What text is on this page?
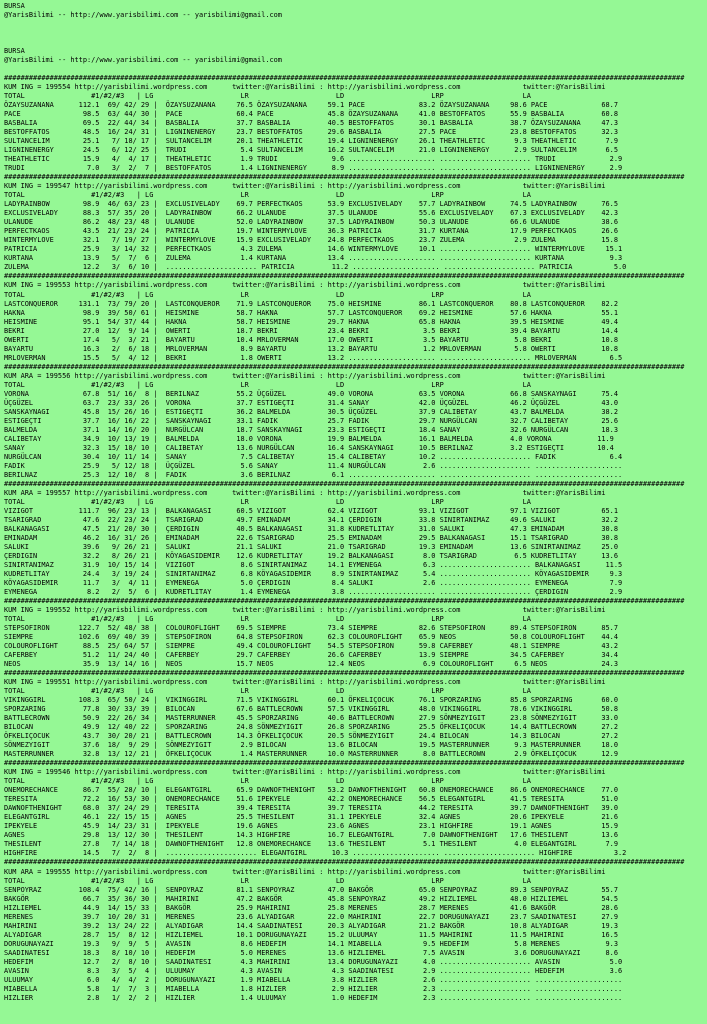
BURSA
@YarisBilimi -- http://www.yarisbilimi.com -- yarisbilimi@gmail.com
BURSA
@YarisBilimi -- http://www.yarisbilimi.com -- yarisbilimi@gmail.com
####################################################################################################################################################################
KUM ING = 199554 http://yarisbilimi.wordpress.com      twitter:@YarisBilimi : http://yarisbilimi.wordpress.com               twitter:@YarisBilimi
TOTAL                #1/#2/#3   | LG                     LR                     LD                     LRP                   LA
ÖZAYSUZANANA      112.1  69/ 42/ 29 |  ÖZAYSUZANANA     76.5 ÖZAYSUZANANA     59.1 PACE             83.2 ÖZAYSUZANANA     98.6 PACE             68.7
PACE               98.5  63/ 44/ 30 |  PACE             60.4 PACE             45.8 ÖZAYSUZANANA     41.0 BESTOFFATOS      55.9 BASBALIA         60.8
BASBALIA           69.5  22/ 44/ 34 |  BASBALIA         37.7 BASBALIA         40.5 BESTOFFATOS      30.1 BASBALIA         38.7 ÖZAYSUZANANA     47.3
BESTOFFATOS        48.5  16/ 24/ 31 |  LIGNINENERGY     23.7 BESTOFFATOS      29.6 BASBALIA         27.5 PACE             23.8 BESTOFFATOS      32.3
SULTANCELIM        25.1   7/ 18/ 17 |  SULTANCELIM      20.1 THEATHLETIC      19.4 LIGNINENERGY     26.1 THEATHLETIC       9.3 THEATHLETIC       7.9
LIGNINENERGY       24.5   6/ 12/ 25 |  TRUDI             5.4 SULTANCELIM      16.2 SULTANCELIM      21.0 LIGNINENERGY      2.9 SULTANCELIM       6.5
THEATHLETIC        15.9   4/  4/ 17 |  THEATHLETIC       1.9 TRUDI             9.6 ..................... ...................... TRUDI             2.9
TRUDI               7.0   3/  2/  7 |  BESTOFFATOS       1.4 LIGNINENERGY      8.9 ..................... ...................... LIGNINENERGY      2.9
####################################################################################################################################################################
KUM ING = 199547 http://yarisbilimi.wordpress.com      twitter:@YarisBilimi : http://yarisbilimi.wordpress.com               twitter:@YarisBilimi
TOTAL                #1/#2/#3   | LG                     LR                     LD                     LRP                   LA
LADYRAINBOW        98.9  46/ 63/ 23 |  EXCLUSIVELADY    69.7 PERFECTKAOS      53.9 EXCLUSIVELADY    57.7 LADYRAINBOW      74.5 LADYRAINBOW      76.5
EXCLUSIVELADY      88.3  57/ 35/ 20 |  LADYRAINBOW      66.2 ULANUDE          37.5 ULANUDE          55.6 EXCLUSIVELADY    67.3 EXCLUSIVELADY    42.3
ULANUDE            86.2  48/ 23/ 48 |  ULANUDE          52.0 LADYRAINBOW      37.5 LADYRAINBOW      50.3 ULANUDE          66.6 ULANUDE          38.6
PERFECTKAOS        43.5  21/ 23/ 24 |  PATRICIA         19.7 WINTERMYLOVE     36.3 PATRICIA         31.7 KURTANA          17.9 PERFECTKAOS      26.6
WINTERMYLOVE       32.1   7/ 19/ 27 |  WINTERMYLOVE     15.9 EXCLUSIVELADY    24.8 PERFECTKAOS      23.7 ZULEMA            2.9 ZULEMA           15.8
PATRICIA           25.9   3/ 14/ 32 |  PERFECTKAOS       4.3 ZULEMA           14.6 WINTERMYLOVE     10.1 ...................... WINTERMYLOVE     15.1
KURTANA            13.9   5/  7/  6 |  ZULEMA            1.4 KURTANA          13.4 ..................... ...................... KURTANA           9.3
ZULEMA             12.2   3/  6/ 10 |  ...................... PATRICIA         11.2 ..................... ...................... PATRICIA          5.0
####################################################################################################################################################################
KUM ING = 199553 http://yarisbilimi.wordpress.com      twitter:@YarisBilimi : http://yarisbilimi.wordpress.com               twitter:@YarisBilimi
TOTAL                #1/#2/#3   | LG                     LR                     LD                     LRP                   LA
LASTCONQUEROR     131.1  73/ 79/ 20 |  LASTCONQUEROR    71.9 LASTCONQUEROR    75.0 HEISMINE         86.1 LASTCONQUEROR    80.8 LASTCONQUEROR    82.2
HAKNA              98.9  39/ 50/ 61 |  HEISMINE         58.7 HAKNA            57.7 LASTCONQUEROR    69.2 HEISMINE         57.6 HAKNA            55.1
HEISMINE           95.1  54/ 37/ 44 |  HAKNA            58.7 HEISMINE         29.7 HAKNA            65.8 HAKNA            39.5 HEISMINE         49.4
BEKRI              27.0  12/  9/ 14 |  OWERTI           18.7 BEKRI            23.4 BEKRI             3.5 BEKRI            39.4 BAYARTU          14.4
OWERTI             17.4   5/  3/ 21 |  BAYARTU          10.4 MRLOVERMAN       17.0 OWERTI            3.5 BAYARTU           5.8 BEKRI            10.8
BAYARTU            16.3   2/  6/ 18 |  MRLOVERMAN        8.9 BAYARTU          13.2 BAYARTU           1.2 MRLOVERMAN        5.8 OWERTI           10.8
MRLOVERMAN         15.5   5/  4/ 12 |  BEKRI             1.8 OWERTI           13.2 ..................... ...................... MRLOVERMAN        6.5
####################################################################################################################################################################
KUM ARA = 199556 http://yarisbilimi.wordpress.com      twitter:@YarisBilimi : http://yarisbilimi.wordpress.com               twitter:@YarisBilimi
TOTAL                #1/#2/#3   | LG                     LR                     LD                     LRP                   LA
VORONA             67.8  51/ 16/  8 |  BERILNAZ         55.2 ÜÇGÜZEL          49.0 VORONA           63.5 VORONA           66.8 SANSKAYNAGI      75.4
ÜÇGÜZEL            63.7  23/ 33/ 26 |  VORONA           37.7 ESTIGEÇTI        31.4 SANAY            42.0 ÜÇGÜZEL          46.2 ÜÇGÜZEL          43.0
SANSKAYNAGI        45.8  15/ 26/ 16 |  ESTIGEÇTI        36.2 BALMELDA         30.5 ÜÇGÜZEL          37.9 CALIBETAY        43.7 BALMELDA         38.2
ESTIGEÇTI          37.7  16/ 16/ 22 |  SANSKAYNAGI      33.1 FADIK            25.7 FADIK            29.7 NURGÜLCAN        32.7 CALIBETAY        25.6
BALMELDA           37.1  14/ 16/ 20 |  NURGÜLCAN        18.7 SANSKAYNAGI      23.3 ESTIGEÇTI        18.4 SANAY            32.6 NURGÜLCAN        18.3
CALIBETAY          34.9  10/ 13/ 19 |  BALMELDA         18.0 VORONA           19.9 BALMELDA         16.1 BALMELDA         4.0 VORONA           11.9
SANAY              32.3  15/ 18/ 10 |  CALIBETAY        13.6 NURGÜLCAN        16.4 SANSKAYNAGI      10.5 BERILNAZ         3.2 ESTIGEÇTI        10.4
NURGÜLCAN          30.4  10/ 11/ 14 |  SANAY             7.5 CALIBETAY        15.4 CALIBETAY        10.2 ...................... FADIK             6.4
FADIK              25.9   5/ 12/ 18 |  ÜÇGÜZEL           5.6 SANAY            11.4 NURGÜLCAN         2.6 ...................... .....................
BERILNAZ           25.3  12/ 10/  8 |  FADIK             3.6 BERILNAZ          6.1 ..................... ...................... .....................
####################################################################################################################################################################
KUM ARA = 199557 http://yarisbilimi.wordpress.com      twitter:@YarisBilimi : http://yarisbilimi.wordpress.com               twitter:@YarisBilimi
TOTAL                #1/#2/#3   | LG                     LR                     LD                     LRP                   LA
VIZIGOT           111.7  96/ 23/ 13 |  BALKANAGASI      60.5 VIZIGOT          62.4 VIZIGOT          93.1 VIZIGOT          97.1 VIZIGOT          65.1
TSARIGRAD          47.6  22/ 23/ 24 |  TSARIGRAD        49.7 EMINADAM         34.1 ÇERDIGIN         33.8 SINIRTANIMAZ     49.6 SALUKI           32.2
BALKANAGASI        47.5  21/ 20/ 30 |  ÇERDIGIN         40.5 BALKANAGASI      31.8 KUDRETLITAY      31.0 SALUKI           47.3 EMINADAM         30.8
EMINADAM           46.2  16/ 31/ 26 |  EMINADAM         22.6 TSARIGRAD        25.5 EMINADAM         29.5 BALKANAGASI      15.1 TSARIGRAD        30.8
SALUKI             39.6   9/ 26/ 21 |  SALUKI           21.1 SALUKI           21.0 TSARIGRAD        19.3 EMINADAM         13.6 SINIRTANIMAZ     25.0
ÇERDIGIN           32.2   8/ 26/ 21 |  KÖYAGASIDEMIR    12.6 KUDRETLITAY      19.2 BALKANAGASI       8.0 TSARIGRAD         6.5 KUDRETLITAY      13.6
SINIRTANIMAZ       31.9  10/ 15/ 14 |  VIZIGOT           8.6 SINIRTANIMAZ     14.1 EYMENEGA          6.3 ...................... BALKANAGASI      11.5
KUDRETLITAY        24.4   3/ 19/ 24 |  SINIRTANIMAZ      6.8 KÖYAGASIDEMIR     8.9 SINIRTANIMAZ      5.4 ...................... KÖYAGASIDEMIR     9.3
KÖYAGASIDEMIR      11.7   3/  4/ 11 |  EYMENEGA          5.0 ÇERDIGIN          8.4 SALUKI            2.6 ...................... EYMENEGA          7.9
EYMENEGA            8.2   2/  5/  6 |  KUDRETLITAY       1.4 EYMENEGA          3.8 ..................... ...................... ÇERDIGIN          2.9
####################################################################################################################################################################
KUM ING = 199552 http://yarisbilimi.wordpress.com      twitter:@YarisBilimi : http://yarisbilimi.wordpress.com               twitter:@YarisBilimi
TOTAL                #1/#2/#3   | LG                     LR                     LD                     LRP                   LA
STEPSOFIRON       122.7  52/ 48/ 38 |  COLOUROFLIGHT    69.5 SIEMPRE          73.4 SIEMPRE          82.6 STEPSOFIRON      89.4 STEPSOFIRON      85.7
SIEMPRE           102.6  69/ 40/ 39 |  STEPSOFIRON      64.8 STEPSOFIRON      62.3 COLOUROFLIGHT    65.9 NEOS             50.8 COLOUROFLIGHT    44.4
COLOUROFLIGHT      88.5  25/ 64/ 57 |  SIEMPRE          49.4 COLOUROFLIGHT    54.5 STEPSOFIRON      59.8 CAFERBEY         48.1 SIEMPRE          43.2
CAFERBEY           51.2  11/ 24/ 40 |  CAFERBEY         29.7 CAFERBEY         26.6 CAFERBEY         13.9 SIEMPRE          34.5 CAFERBEY         34.4
NEOS               35.9  13/ 14/ 16 |  NEOS             15.7 NEOS             12.4 NEOS              6.9 COLOUROFLIGHT     6.5 NEOS             24.3
####################################################################################################################################################################
KUM ING = 199551 http://yarisbilimi.wordpress.com      twitter:@YarisBilimi : http://yarisbilimi.wordpress.com               twitter:@YarisBilimi
TOTAL                #1/#2/#3   | LG                     LR                     LD                     LRP                   LA
VIKINGGIRL        108.3  65/ 50/ 24 |  VIKINGGIRL       71.5 VIKINGGIRL       60.1 ÖFKELIÇOCUK      76.1 SPORZARING       85.8 SPORZARING       60.0
SPORZARING         77.8  30/ 33/ 39 |  BILOCAN          67.6 BATTLECROWN      57.5 VIKINGGIRL       48.0 VIKINGGIRL       78.6 VIKINGGIRL       50.8
BATTLECROWN        50.9  22/ 26/ 34 |  MASTERRUNNER     45.5 SPORZARING       40.6 BATTLECROWN      27.9 SÖNMEZYIGIT      23.8 SÖNMEZYIGIT      33.0
BILOCAN            49.9  12/ 40/ 22 |  SPORZARING       24.8 SÖNMEZYIGIT      26.8 SPORZARING       25.5 ÖFKELIÇOCUK      14.4 BATTLECROWN      27.2
ÖFKELIÇOCUK        43.7  30/ 20/ 21 |  BATTLECROWN      14.3 ÖFKELIÇOCUK      20.5 SÖNMEZYIGIT      24.4 BILOCAN          14.3 BILOCAN          27.2
SÖNMEZYIGIT        37.6  18/  9/ 29 |  SÖNMEZYIGIT       2.9 BILOCAN          13.6 BILOCAN          19.5 MASTERRUNNER      9.3 MASTERRUNNER     18.0
MASTERRUNNER       32.8  13/ 12/ 21 |  ÖFKELIÇOCUK       1.4 MASTERRUNNER     10.0 MASTERRUNNER      8.0 BATTLECROWN       2.9 ÖFKELIÇOCUK      12.9
####################################################################################################################################################################
KUM ING = 199546 http://yarisbilimi.wordpress.com      twitter:@YarisBilimi : http://yarisbilimi.wordpress.com               twitter:@YarisBilimi
TOTAL                #1/#2/#3   | LG                     LR                     LD                     LRP                   LA
ONEMORECHANCE      86.7  55/ 28/ 10 |  ELEGANTGIRL      65.9 DAWNOFTHENIGHT   53.2 DAWNOFTHENIGHT   60.8 ONEMORECHANCE    86.6 ONEMORECHANCE    77.0
TERESITA           72.2  16/ 53/ 30 |  ONEMORECHANCE    51.6 IPEKYELE         42.2 ONEMORECHANCE    56.5 ELEGANTGIRL      41.5 TERESITA         51.0
DAWNOFTHENIGHT     68.0  37/ 24/ 29 |  TERESITA         39.4 TERESITA         39.7 TERESITA         44.2 TERESITA         39.7 DAWNOFTHENIGHT   39.0
ELEGANTGIRL        46.1  22/ 15/ 15 |  AGNES            25.5 THESILENT        31.1 IPEKYELE         32.4 AGNES            20.6 IPEKYELE         21.6
IPEKYELE           45.9  14/ 23/ 31 |  IPEKYELE         19.6 AGNES            23.6 AGNES            23.1 HIGHFIRE         19.1 AGNES            15.9
AGNES              29.8  13/ 12/ 30 |  THESILENT        14.3 HIGHFIRE         16.7 ELEGANTGIRL       7.0 DAWNOFTHENIGHT   17.6 THESILENT        13.6
THESILENT          27.8   7/ 14/ 18 |  DAWNOFTHENIGHT   12.8 ONEMORECHANCE    13.6 THESILENT         5.1 THESILENT         4.0 ELEGANTGIRL       7.9
HIGHFIRE           14.5   7/  2/  8 |  ...................... ELEGANTGIRL      10.3 ..................... ...................... HIGHFIRE          3.2
####################################################################################################################################################################
KUM ARA = 199555 http://yarisbilimi.wordpress.com      twitter:@YarisBilimi : http://yarisbilimi.wordpress.com               twitter:@YarisBilimi
TOTAL                #1/#2/#3   | LG                     LR                     LD                     LRP                   LA
SENPOYRAZ         108.4  75/ 42/ 16 |  SENPOYRAZ        81.1 SENPOYRAZ        47.0 BAKGÖR           65.0 SENPOYRAZ        89.3 SENPOYRAZ        55.7
BAKGÖR             66.7  35/ 36/ 30 |  MAHIRINI         47.2 BAKGÖR           45.8 SENPOYRAZ        49.2 HIZLIEMEL        48.0 HIZLIEMEL        54.5
HIZLIEMEL          44.9  14/ 15/ 33 |  BAKGÖR           25.9 MAHIRINI         25.8 MERENES          28.7 MERENES          41.6 BAKGÖR           28.6
MERENES            39.7  10/ 20/ 31 |  MERENES          23.6 ALYADIGAR        22.0 MAHIRINI         22.7 DORUGUNAYAZI     23.7 SAADINATESI      27.9
MAHIRINI           39.2  13/ 24/ 22 |  ALYADIGAR        14.4 SAADINATESI      20.3 ALYADIGAR        21.2 BAKGÖR           10.8 ALYADIGAR        19.3
ALYADIGAR          28.7  15/  8/ 12 |  HIZLIEMEL        10.1 DORUGUNAYAZI     15.2 ULUUMAY          11.5 MAHIRINI         11.5 MAHIRINI         16.5
DORUGUNAYAZI       19.3   9/  9/  5 |  AVASIN            8.6 HEDEFIM          14.1 MIABELLA          9.5 HEDEFIM           5.8 MERENES           9.3
SAADINATESI        18.3   8/ 10/ 10 |  HEDEFIM           5.0 MERENES          13.6 HIZLIEMEL         7.5 AVASIN            3.6 DORUGUNAYAZI      8.6
HEDEFIM            12.7   2/  8/ 10 |  SAADINATESI       4.3 MAHIRINI         13.4 DORUGUNAYAZI      4.0 ...................... AVASIN            5.0
AVASIN              8.3   3/  5/  4 |  ULUUMAY           4.3 AVASIN            4.3 SAADINATESI       2.9 ...................... HEDEFIM           3.6
ULUUMAY             6.0   4/  4/  2 |  DORUGUNAYAZI      1.9 MIABELLA          3.8 HIZLIER           2.6 ...................... .....................
MIABELLA            5.8   1/  7/  3 |  MIABELLA          1.8 HIZLIER           2.9 HIZLIER           2.3 ...................... .....................
HIZLIER             2.8   1/  2/  2 |  HIZLIER           1.4 ULUUMAY           1.0 HEDEFIM           2.3 ...................... .....................
